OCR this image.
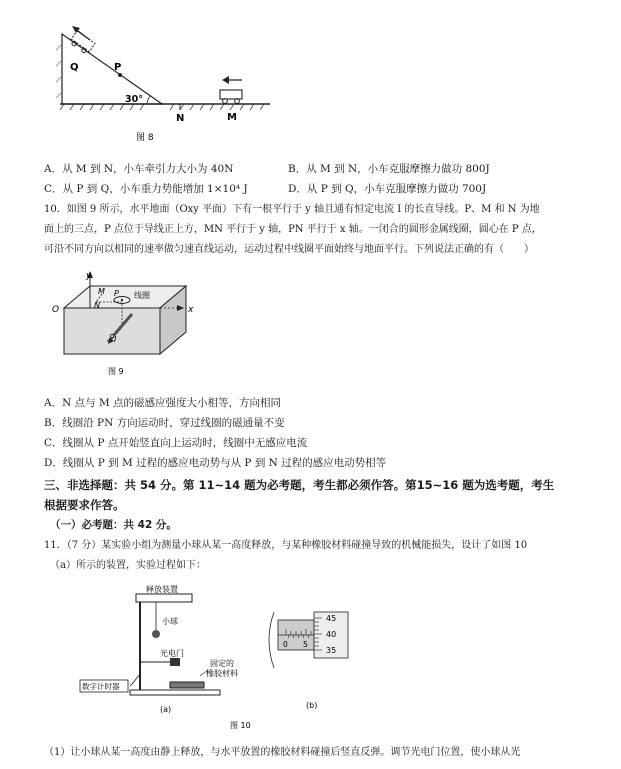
Q	P
30°
N	M
图 8
A．从 M 到 N，小车牵引力大小为 40N	B．从 M 到 N，小车克服摩擦力做功 800J
C．从 P 到 Q，小车重力势能增加 1×10⁴ J	D．从 P 到 Q，小车克服摩擦力做功 700J
10．如图 9 所示，水平地面（Oxy 平面）下有一根平行于 y 轴且通有恒定电流 I 的长直导线。P、M 和 N 为地
面上的三点，P 点位于导线正上方，MN 平行于 y 轴，PN 平行于 x 轴。一闭合的圆形金属线圈，圆心在 P 点，
可沿不同方向以相同的速率做匀速直线运动，运动过程中线圈平面始终与地面平行。下列说法正确的有（　　）
y
O	x
M
N
P 线圈
I
图 9
A．N 点与 M 点的磁感应强度大小相等，方向相同
B．线圈沿 PN 方向运动时，穿过线圈的磁通量不变
C．线圈从 P 点开始竖直向上运动时，线圈中无感应电流
D．线圈从 P 到 M 过程的感应电动势与从 P 到 N 过程的感应电动势相等
三、非选择题：共 54 分。第 11~14 题为必考题，考生都必须作答。第15~16 题为选考题，考生
根据要求作答。
（一）必考题：共 42 分。
11．（7 分）某实验小组为测量小球从某一高度释放，与某种橡胶材料碰撞导致的机械能损失，设计了如图 10
（a）所示的装置，实验过程如下：
释放装置
小球
光电门
固定的
橡胶材料
数字计时器
(a)
图 10
45
40
35
0 5
(b)
（1）让小球从某一高度由静上释放，与水平放置的橡胶材料碰撞后竖直反弹。调节光电门位置，使小球从光
